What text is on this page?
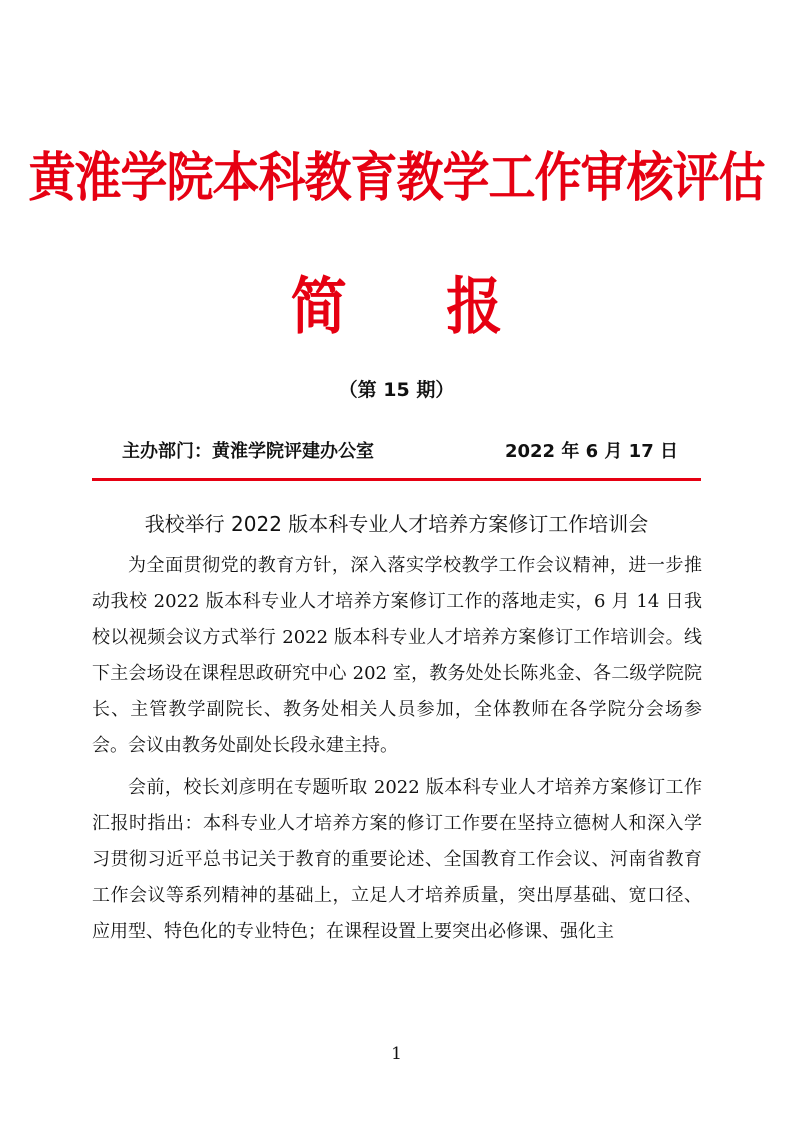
黄淮学院本科教育教学工作审核评估
简 报
（第 15 期）
主办部门：黄淮学院评建办公室	2022 年 6 月 17 日
我校举行 2022 版本科专业人才培养方案修订工作培训会

为全面贯彻党的教育方针，深入落实学校教学工作会议精神，进一步推动我校 2022 版本科专业人才培养方案修订工作的落地走实，6 月 14 日我校以视频会议方式举行 2022 版本科专业人才培养方案修订工作培训会。线下主会场设在课程思政研究中心 202 室，教务处处长陈兆金、各二级学院院长、主管教学副院长、教务处相关人员参加，全体教师在各学院分会场参会。会议由教务处副处长段永建主持。

会前，校长刘彦明在专题听取 2022 版本科专业人才培养方案修订工作汇报时指出：本科专业人才培养方案的修订工作要在坚持立德树人和深入学习贯彻习近平总书记关于教育的重要论述、全国教育工作会议、河南省教育工作会议等系列精神的基础上，立足人才培养质量，突出厚基础、宽口径、应用型、特色化的专业特色；在课程设置上要突出必修课、强化主

1
